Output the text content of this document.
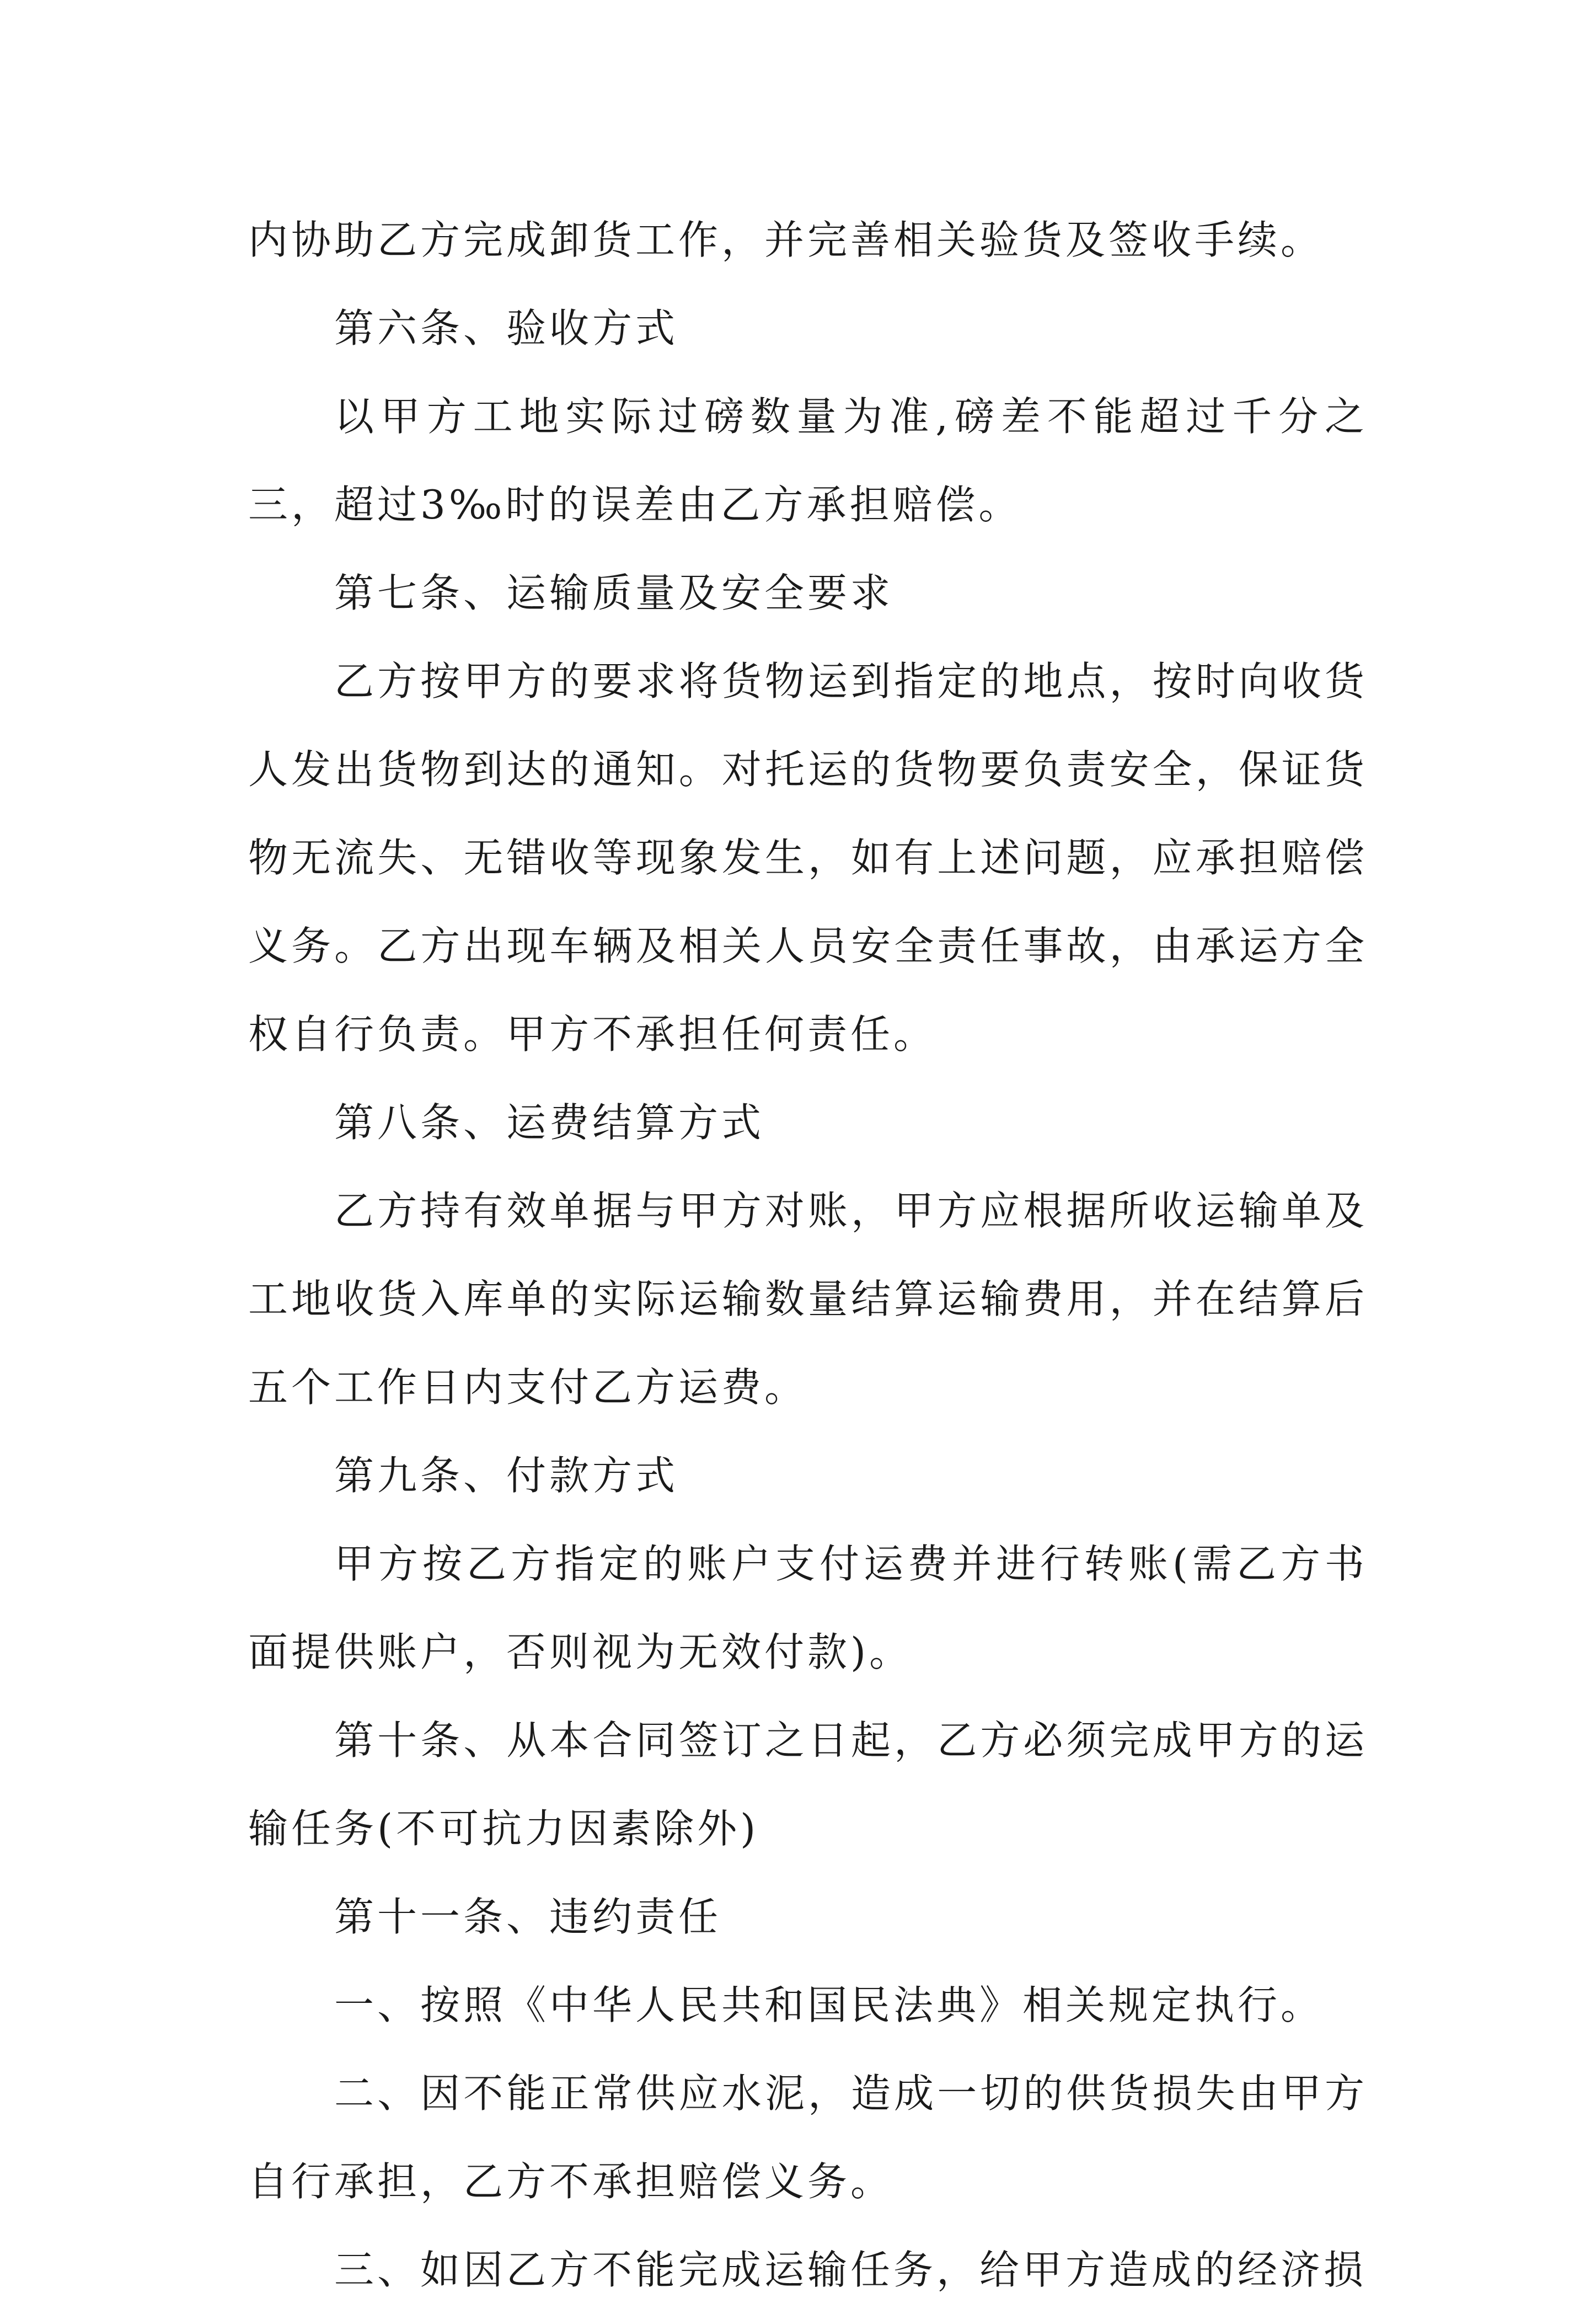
内协助乙方完成卸货工作，并完善相关验货及签收手续。

第六条、验收方式

以甲方工地实际过磅数量为准,磅差不能超过千分之三，超过3‰时的误差由乙方承担赔偿。

第七条、运输质量及安全要求

乙方按甲方的要求将货物运到指定的地点，按时向收货人发出货物到达的通知。对托运的货物要负责安全，保证货物无流失、无错收等现象发生，如有上述问题，应承担赔偿义务。乙方出现车辆及相关人员安全责任事故，由承运方全权自行负责。甲方不承担任何责任。

第八条、运费结算方式

乙方持有效单据与甲方对账，甲方应根据所收运输单及工地收货入库单的实际运输数量结算运输费用，并在结算后五个工作日内支付乙方运费。

第九条、付款方式

甲方按乙方指定的账户支付运费并进行转账(需乙方书面提供账户，否则视为无效付款)。

第十条、从本合同签订之日起，乙方必须完成甲方的运输任务(不可抗力因素除外)

第十一条、违约责任

一、按照《中华人民共和国民法典》相关规定执行。

二、因不能正常供应水泥，造成一切的供货损失由甲方自行承担，乙方不承担赔偿义务。

三、如因乙方不能完成运输任务，给甲方造成的经济损
